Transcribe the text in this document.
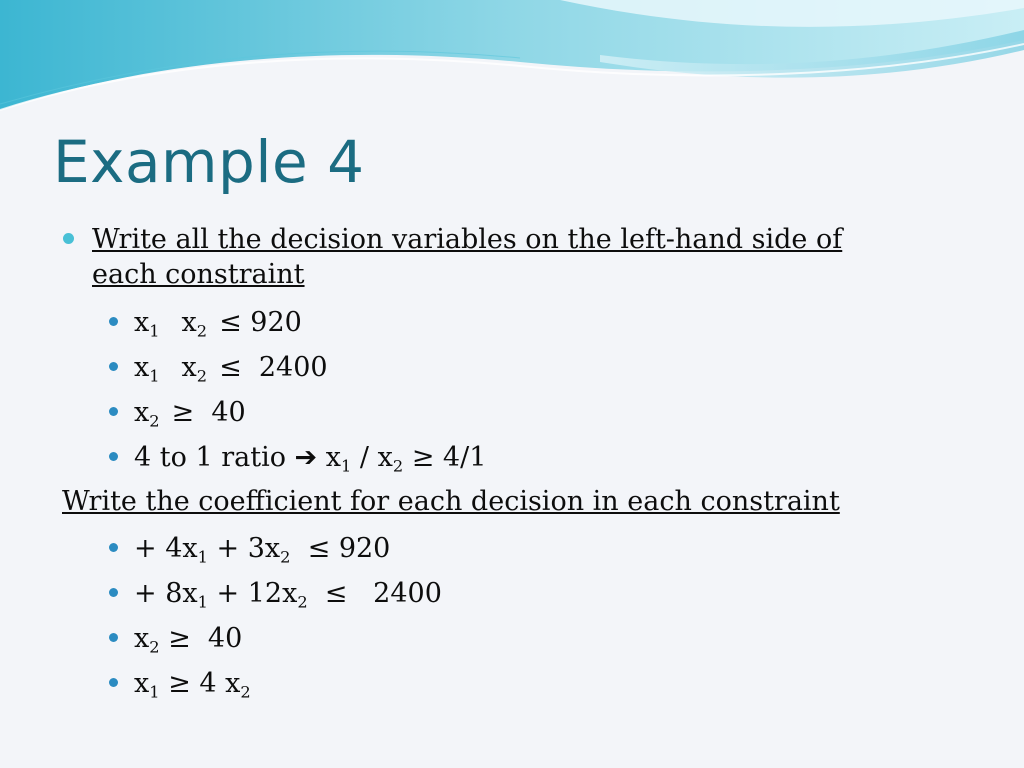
Example 4
Write all the decision variables on the left-hand side of each constraint
$x_1$ $x_2 \le 920$
$x_1$ $x_2 \le 2400$
$x_2 \ge 40$
4 to 1 ratio ➔ $x_1 / x_2 \ge 4/1$
Write the coefficient for each decision in each constraint
+ $4x_1 + 3x_2 \le 920$
+ $8x_1 + 12x_2 \le 2400$
$x_2 \ge 40$
$x_1 \ge 4$ $x_2$
